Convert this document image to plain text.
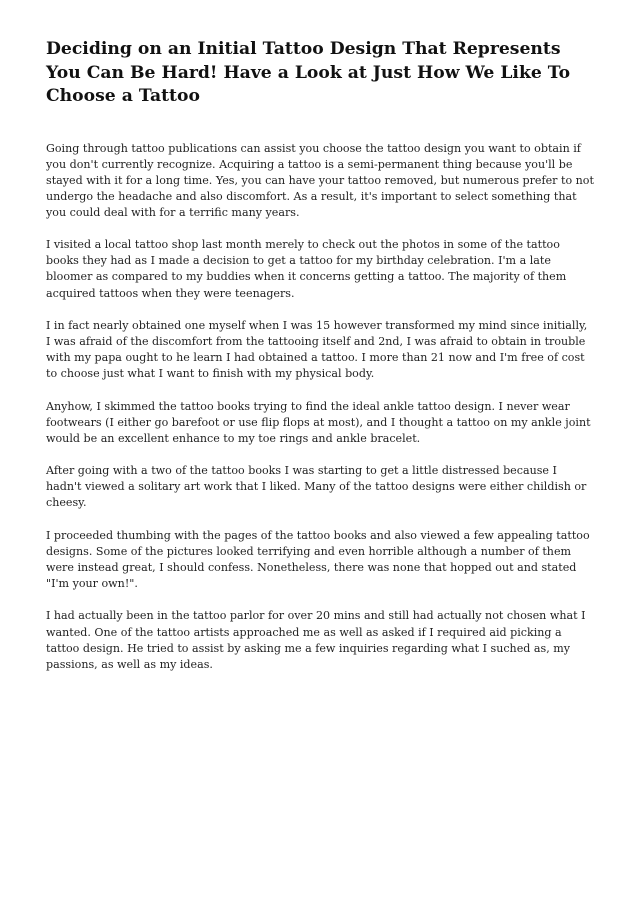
Deciding on an Initial Tattoo Design That Represents You Can Be Hard! Have a Look at Just How We Like To Choose a Tattoo

Going through tattoo publications can assist you choose the tattoo design you want to obtain if you don't currently recognize. Acquiring a tattoo is a semi-permanent thing because you'll be stayed with it for a long time. Yes, you can have your tattoo removed, but numerous prefer to not undergo the headache and also discomfort. As a result, it's important to select something that you could deal with for a terrific many years.

I visited a local tattoo shop last month merely to check out the photos in some of the tattoo books they had as I made a decision to get a tattoo for my birthday celebration. I'm a late bloomer as compared to my buddies when it concerns getting a tattoo. The majority of them acquired tattoos when they were teenagers.

I in fact nearly obtained one myself when I was 15 however transformed my mind since initially, I was afraid of the discomfort from the tattooing itself and 2nd, I was afraid to obtain in trouble with my papa ought to he learn I had obtained a tattoo. I more than 21 now and I'm free of cost to choose just what I want to finish with my physical body.

Anyhow, I skimmed the tattoo books trying to find the ideal ankle tattoo design. I never wear footwears (I either go barefoot or use flip flops at most), and I thought a tattoo on my ankle joint would be an excellent enhance to my toe rings and ankle bracelet.

After going with a two of the tattoo books I was starting to get a little distressed because I hadn't viewed a solitary art work that I liked. Many of the tattoo designs were either childish or cheesy.

I proceeded thumbing with the pages of the tattoo books and also viewed a few appealing tattoo designs. Some of the pictures looked terrifying and even horrible although a number of them were instead great, I should confess. Nonetheless, there was none that hopped out and stated "I'm your own!".

I had actually been in the tattoo parlor for over 20 mins and still had actually not chosen what I wanted. One of the tattoo artists approached me as well as asked if I required aid picking a tattoo design. He tried to assist by asking me a few inquiries regarding what I suched as, my passions, as well as my ideas.
